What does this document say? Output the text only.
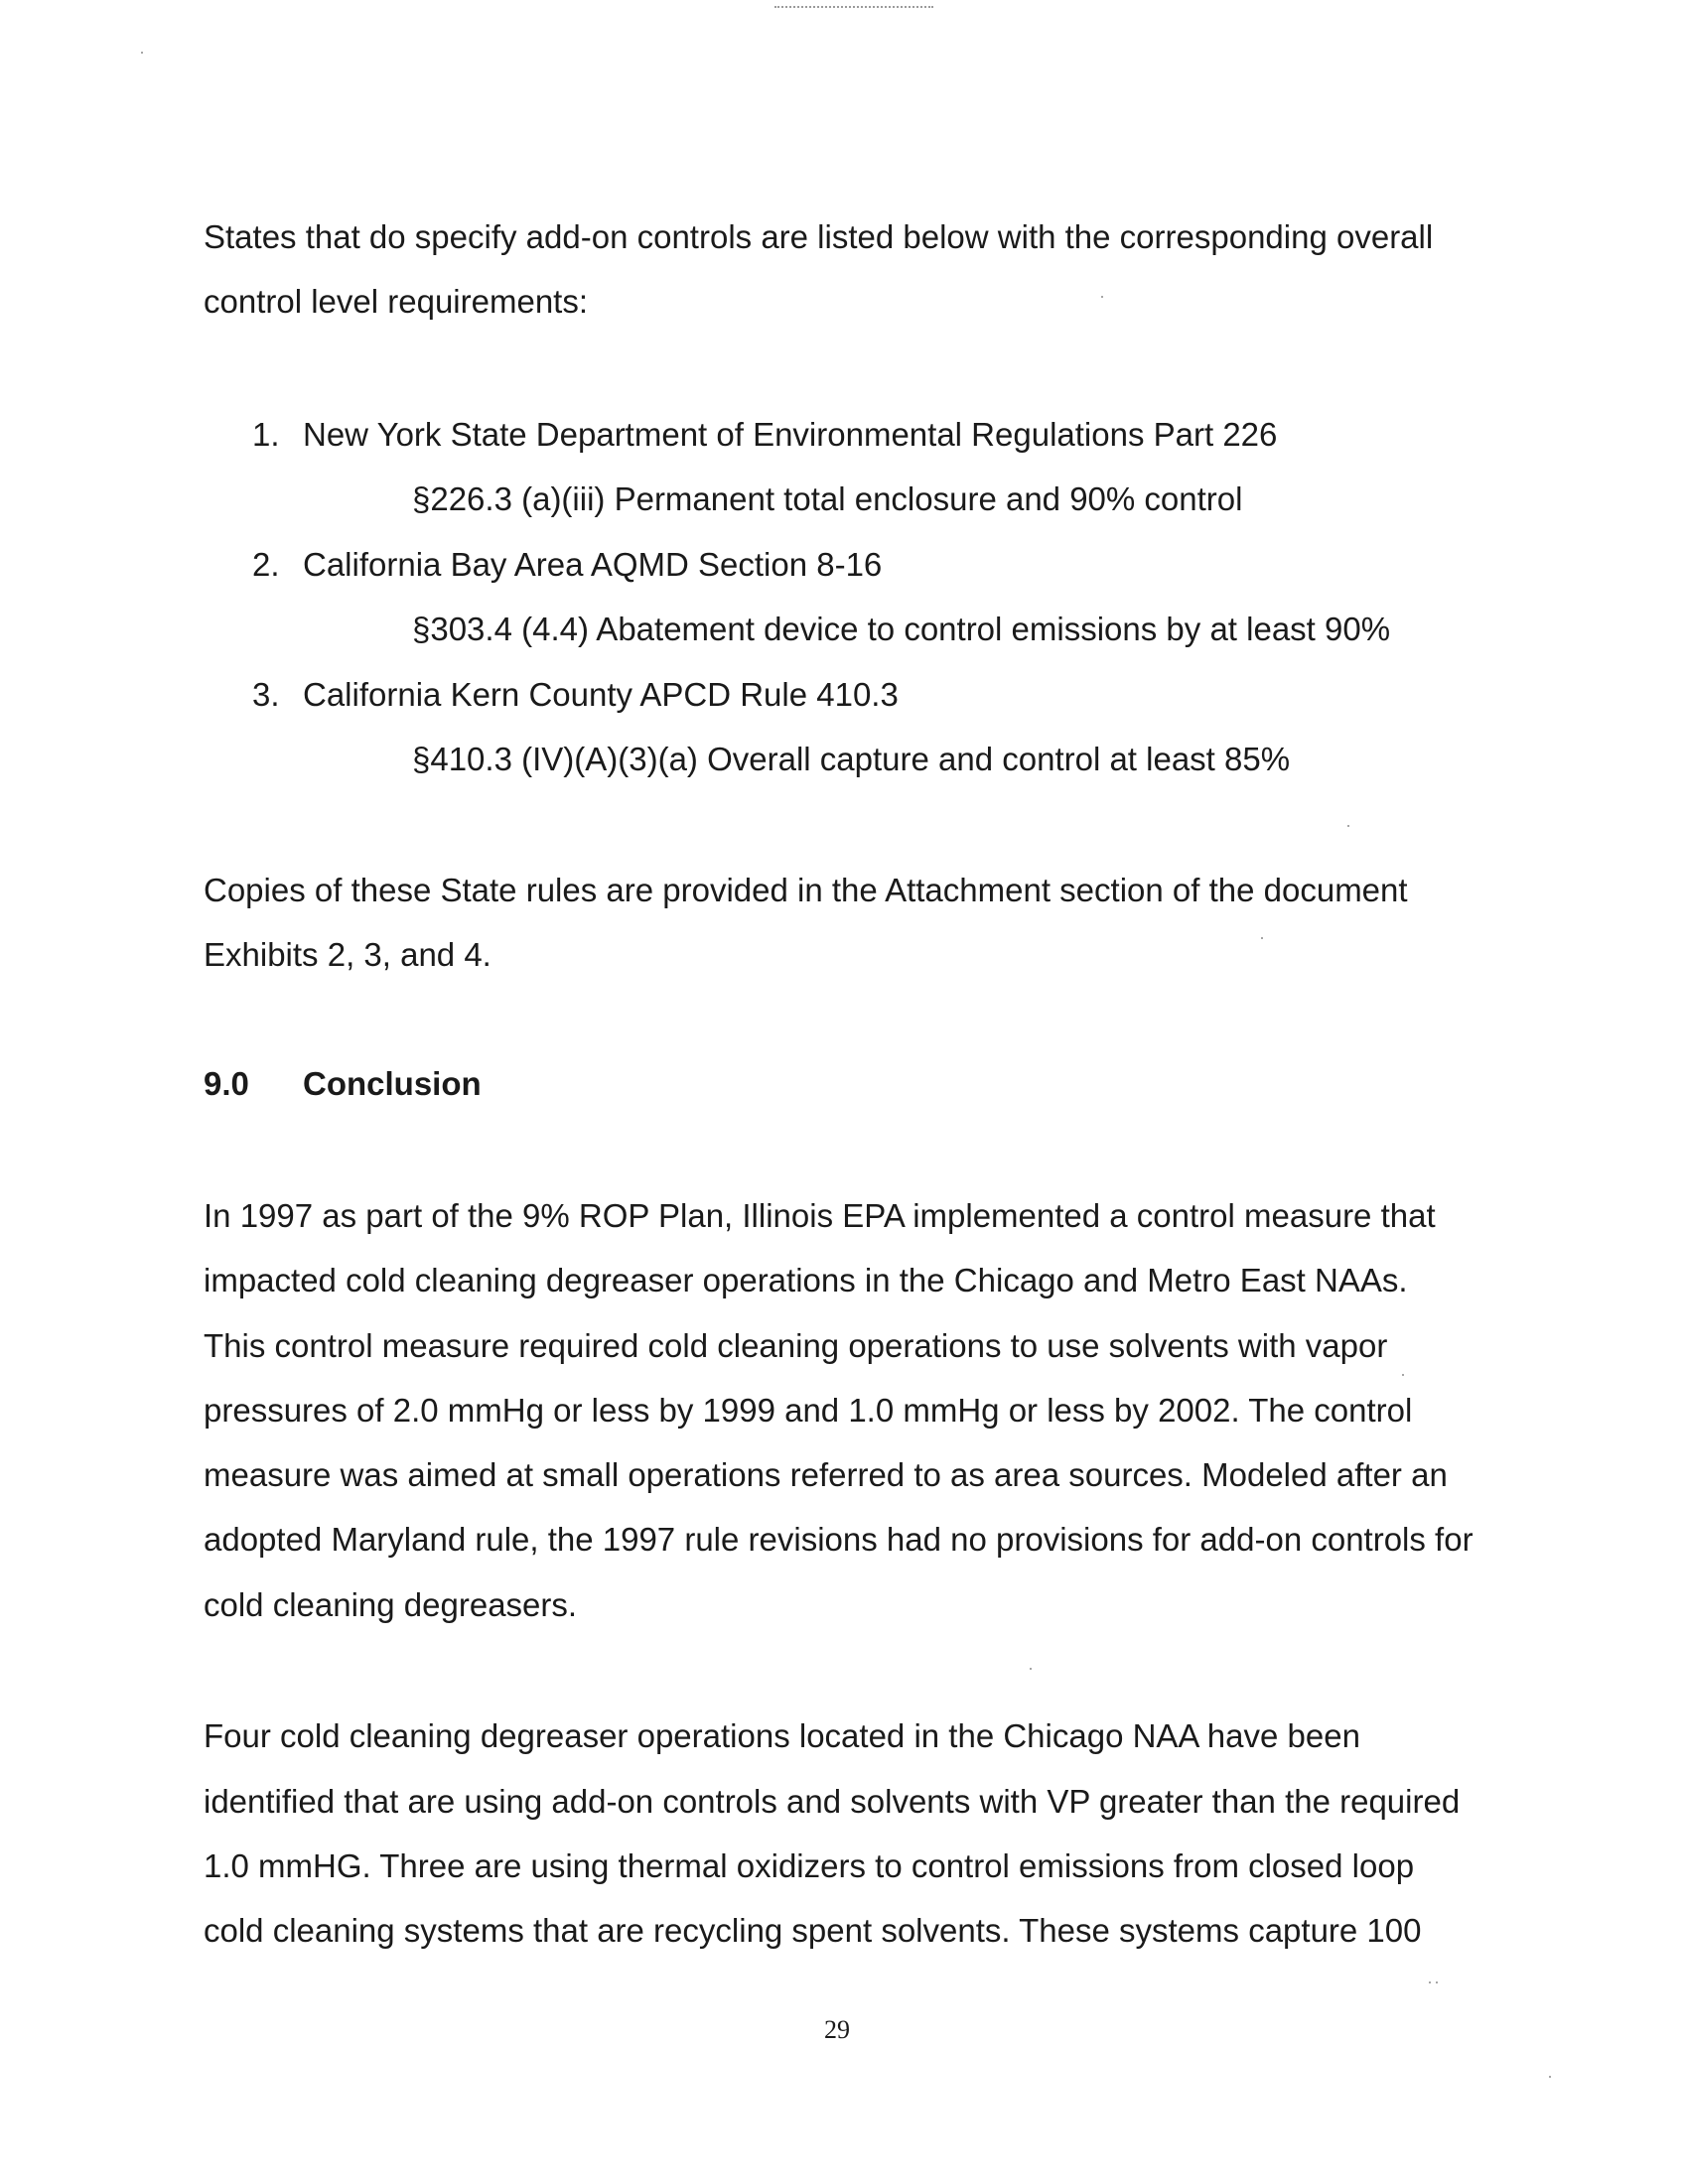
States that do specify add-on controls are listed below with the corresponding overall
control level requirements:
1. New York State Department of Environmental Regulations Part 226
§226.3 (a)(iii) Permanent total enclosure and 90% control
2. California Bay Area AQMD Section 8-16
§303.4 (4.4) Abatement device to control emissions by at least 90%
3. California Kern County APCD Rule 410.3
§410.3 (IV)(A)(3)(a) Overall capture and control at least 85%
Copies of these State rules are provided in the Attachment section of the document
Exhibits 2, 3, and 4.
9.0 Conclusion
In 1997 as part of the 9% ROP Plan, Illinois EPA implemented a control measure that
impacted cold cleaning degreaser operations in the Chicago and Metro East NAAs.
This control measure required cold cleaning operations to use solvents with vapor
pressures of 2.0 mmHg or less by 1999 and 1.0 mmHg or less by 2002. The control
measure was aimed at small operations referred to as area sources. Modeled after an
adopted Maryland rule, the 1997 rule revisions had no provisions for add-on controls for
cold cleaning degreasers.
Four cold cleaning degreaser operations located in the Chicago NAA have been
identified that are using add-on controls and solvents with VP greater than the required
1.0 mmHG. Three are using thermal oxidizers to control emissions from closed loop
cold cleaning systems that are recycling spent solvents. These systems capture 100
29
